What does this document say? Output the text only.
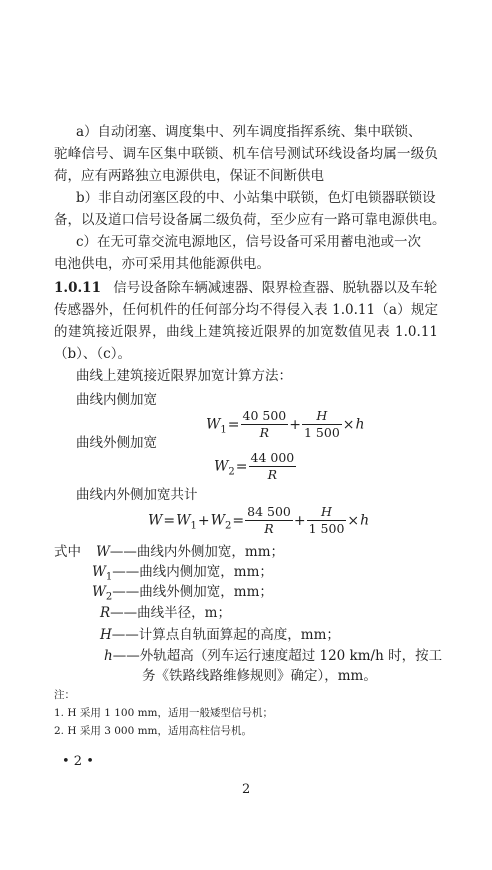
a）自动闭塞、调度集中、列车调度指挥系统、集中联锁、
驼峰信号、调车区集中联锁、机车信号测试环线设备均属一级负
荷，应有两路独立电源供电，保证不间断供电
b）非自动闭塞区段的中、小站集中联锁，色灯电锁器联锁设
备，以及道口信号设备属二级负荷，至少应有一路可靠电源供电。
c）在无可靠交流电源地区，信号设备可采用蓄电池或一次
电池供电，亦可采用其他能源供电。
1.0.11 信号设备除车辆减速器、限界检查器、脱轨器以及车轮
传感器外，任何机件的任何部分均不得侵入表 1.0.11（a）规定
的建筑接近限界，曲线上建筑接近限界的加宽数值见表 1.0.11
（b）、（c）。
曲线上建筑接近限界加宽计算方法：
曲线内侧加宽
$W_1= \frac{40 500}{R} + \frac{H}{1 500} \times h$
曲线外侧加宽
$W_2= \frac{44 000}{R}$
曲线内外侧加宽共计
$W=W_1+W_2= \frac{84 500}{R} + \frac{H}{1 500} \times h$
式中 W——曲线内外侧加宽，mm；
$W_1——$曲线内侧加宽，mm；
$W_2——$曲线外侧加宽，mm；
R——曲线半径，m；
H——计算点自轨面算起的高度，mm；
h——外轨超高（列车运行速度超过 120 km/h 时，按工
务《铁路线路维修规则》确定），mm。
注：
1. H 采用 1 100 mm，适用一般矮型信号机；
2. H 采用 3 000 mm，适用高柱信号机。
• 2 •
2
